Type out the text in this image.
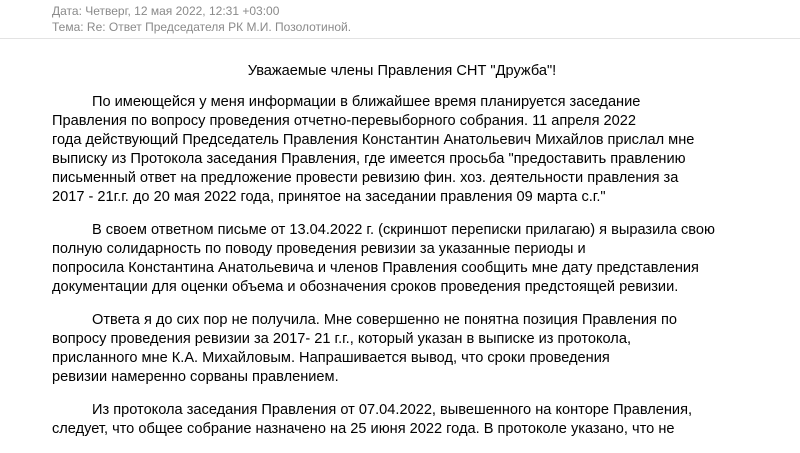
Дата: Четверг, 12 мая 2022, 12:31 +03:00
Тема: Re: Ответ Председателя РК М.И. Позолотиной.
Уважаемые члены Правления СНТ "Дружба"!
По имеющейся у меня информации в ближайшее время планируется заседание
Правления по вопросу проведения отчетно-перевыборного собрания. 11 апреля 2022
года действующий Председатель Правления Константин Анатольевич Михайлов прислал мне
выписку из Протокола заседания Правления, где имеется просьба "предоставить правлению
письменный ответ на предложение провести ревизию фин. хоз. деятельности правления за
2017 - 21г.г. до 20 мая 2022 года, принятое на заседании правления 09 марта с.г."
В своем ответном письме от 13.04.2022 г. (скриншот переписки прилагаю) я выразила свою
полную солидарность по поводу проведения ревизии за указанные периоды и
попросила Константина Анатольевича и членов Правления сообщить мне дату представления
документации для оценки объема и обозначения сроков проведения предстоящей ревизии.
Ответа я до сих пор не получила. Мне совершенно не понятна позиция Правления по
вопросу проведения ревизии за 2017- 21 г.г., который указан в выписке из протокола,
присланного мне К.А. Михайловым. Напрашивается вывод, что сроки проведения
ревизии намеренно сорваны правлением.
Из протокола заседания Правления от 07.04.2022, вывешенного на конторе Правления,
следует, что общее собрание назначено на 25 июня 2022 года. В протоколе указано, что не
